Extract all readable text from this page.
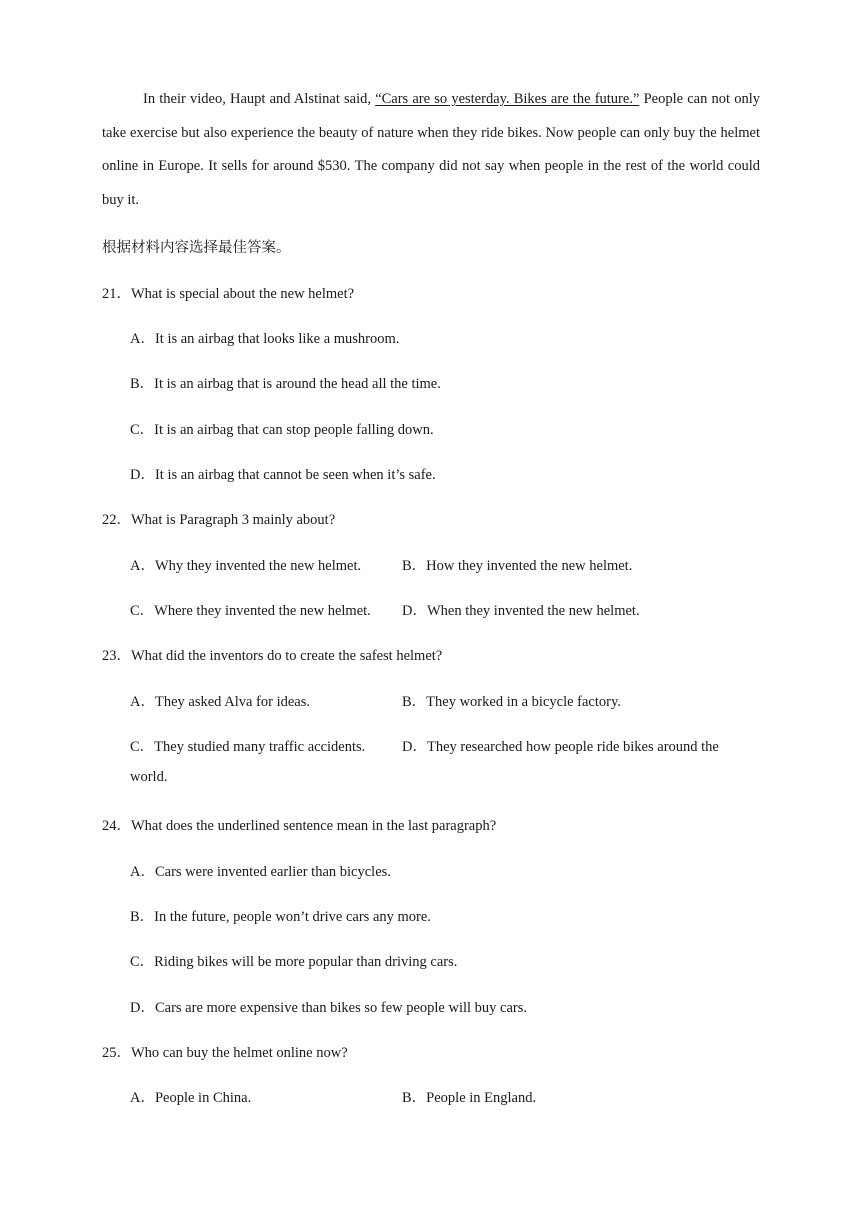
In their video, Haupt and Alstinat said, “Cars are so yesterday. Bikes are the future.” People can not only take exercise but also experience the beauty of nature when they ride bikes. Now people can only buy the helmet online in Europe. It sells for around $530. The company did not say when people in the rest of the world could buy it.

根据材料内容选择最佳答案。
21．What is special about the new helmet?
A．It is an airbag that looks like a mushroom.
B．It is an airbag that is around the head all the time.
C．It is an airbag that can stop people falling down.
D．It is an airbag that cannot be seen when it’s safe.
22．What is Paragraph 3 mainly about?
A．Why they invented the new helmet.	B．How they invented the new helmet.
C．Where they invented the new helmet. D．When they invented the new helmet.
23．What did the inventors do to create the safest helmet?
A．They asked Alva for ideas.	B．They worked in a bicycle factory.
C．They studied many traffic accidents.	D．They researched how people ride bikes around the
world.
24．What does the underlined sentence mean in the last paragraph?
A．Cars were invented earlier than bicycles.
B．In the future, people won’t drive cars any more.
C．Riding bikes will be more popular than driving cars.
D．Cars are more expensive than bikes so few people will buy cars.
25．Who can buy the helmet online now?
A．People in China.	B．People in England.
